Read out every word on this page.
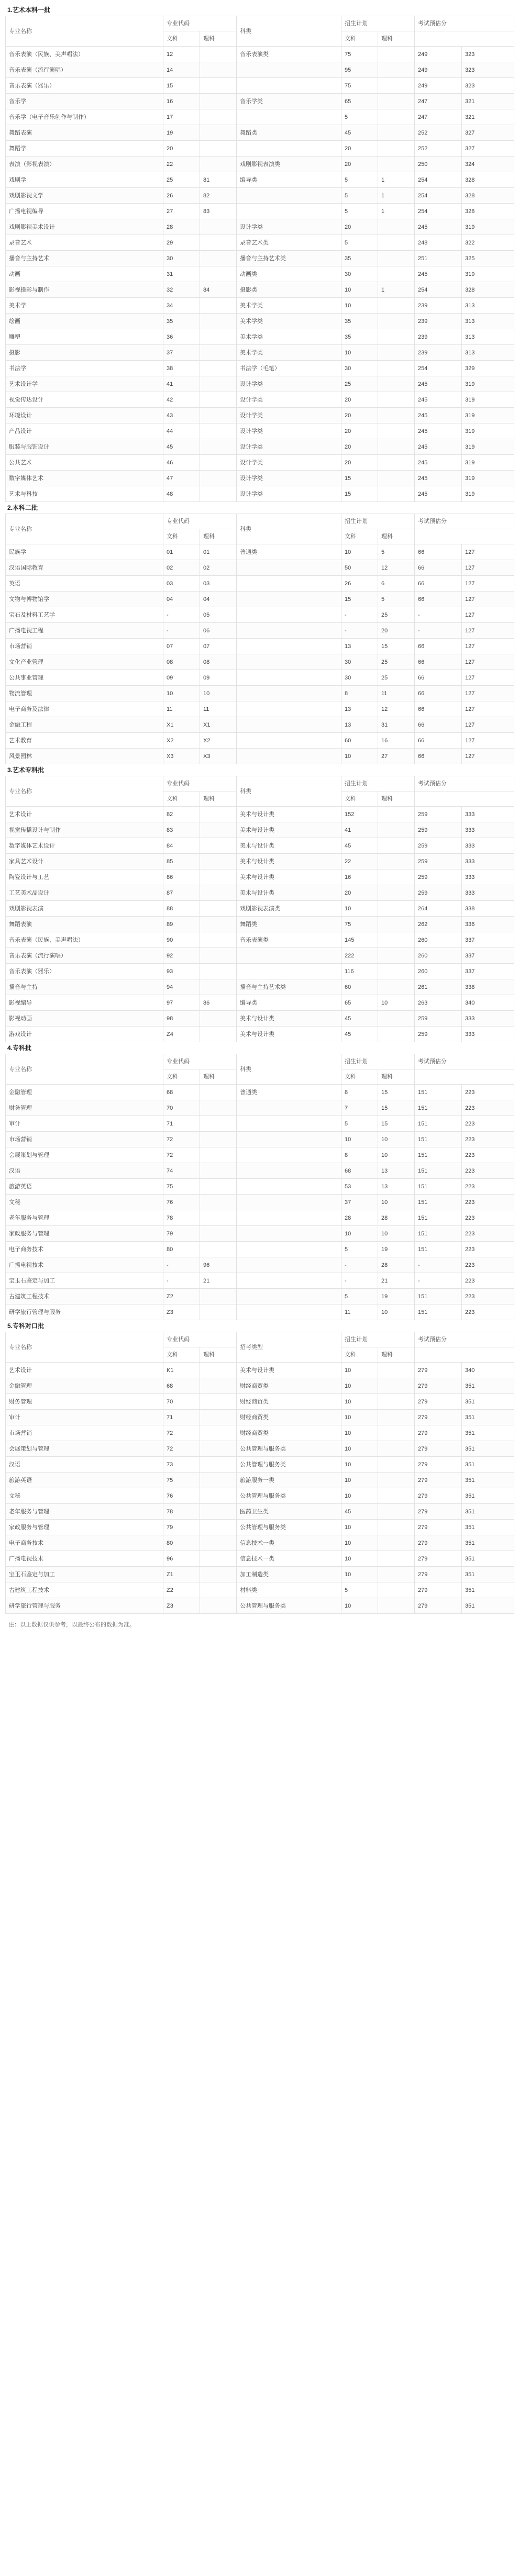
1.艺术本科一批
专业名称	专业代码		科类	招生计划		考试预估分	
	文科	理科		文科	理科		
音乐表演（民族、美声唱法）	12		音乐表演类	75		249	323
音乐表演（流行演唱）	14			95		249	323
音乐表演（器乐）	15			75		249	323
音乐学	16		音乐学类	65		247	321
音乐学（电子音乐创作与制作）	17			5		247	321
舞蹈表演	19		舞蹈类	45		252	327
舞蹈学	20			20		252	327
表演（影视表演）	22		戏剧影视表演类	20		250	324
戏剧学	25	81	编导类	5	1	254	328
戏剧影视文学	26	82		5	1	254	328
广播电视编导	27	83		5	1	254	328
戏剧影视美术设计	28		设计学类	20		245	319
录音艺术	29		录音艺术类	5		248	322
播音与主持艺术	30		播音与主持艺术类	35		251	325
动画	31		动画类	30		245	319
影视摄影与制作	32	84	摄影类	10	1	254	328
美术学	34		美术学类	10		239	313
绘画	35		美术学类	35		239	313
雕塑	36		美术学类	35		239	313
摄影	37		美术学类	10		239	313
书法学	38		书法学（毛笔）	30		254	329
艺术设计学	41		设计学类	25		245	319
视觉传达设计	42		设计学类	20		245	319
环境设计	43		设计学类	20		245	319
产品设计	44		设计学类	20		245	319
服装与服饰设计	45		设计学类	20		245	319
公共艺术	46		设计学类	20		245	319
数字媒体艺术	47		设计学类	15		245	319
艺术与科技	48		设计学类	15		245	319
2.本科二批
专业名称	专业代码		科类	招生计划		考试预估分	
	文科	理科		文科	理科		
民族学	01	01	普通类	10	5	66	127
汉语国际教育	02	02		50	12	66	127
英语	03	03		26	6	66	127
文物与博物馆学	04	04		15	5	66	127
宝石及材料工艺学	-	05		-	25	-	127
广播电视工程	-	06		-	20	-	127
市场营销	07	07		13	15	66	127
文化产业管理	08	08		30	25	66	127
公共事业管理	09	09		30	25	66	127
物流管理	10	10		8	11	66	127
电子商务及法律	11	11		13	12	66	127
金融工程	X1	X1		13	31	66	127
艺术教育	X2	X2		60	16	66	127
风景园林	X3	X3		10	27	66	127
3.艺术专科批
专业名称	专业代码		科类	招生计划		考试预估分	
	文科	理科		文科	理科		
艺术设计	82		美术与设计类	152		259	333
视觉传播设计与制作	83		美术与设计类	41		259	333
数字媒体艺术设计	84		美术与设计类	45		259	333
家具艺术设计	85		美术与设计类	22		259	333
陶瓷设计与工艺	86		美术与设计类	16		259	333
工艺美术品设计	87		美术与设计类	20		259	333
戏剧影视表演	88		戏剧影视表演类	10		264	338
舞蹈表演	89		舞蹈类	75		262	336
音乐表演（民族、美声唱法）	90		音乐表演类	145		260	337
音乐表演（流行演唱）	92			222		260	337
音乐表演（器乐）	93			116		260	337
播音与主持	94		播音与主持艺术类	60		261	338
影视编导	97	86	编导类	65	10	263	340
影视动画	98		美术与设计类	45		259	333
游戏设计	Z4		美术与设计类	45		259	333
4.专科批
专业名称	专业代码		科类	招生计划		考试预估分	
	文科	理科		文科	理科		
金融管理	68		普通类	8	15	151	223
财务管理	70			7	15	151	223
审计	71			5	15	151	223
市场营销	72			10	10	151	223
会展策划与管理	72			8	10	151	223
汉语	74			68	13	151	223
旅游英语	75			53	13	151	223
文秘	76			37	10	151	223
老年服务与管理	78			28	28	151	223
家政服务与管理	79			10	10	151	223
电子商务技术	80			5	19	151	223
广播电视技术	-	96		-	28	-	223
宝玉石鉴定与加工	-	21		-	21	-	223
古建筑工程技术	Z2			5	19	151	223
研学旅行管理与服务	Z3			11	10	151	223
5.专科对口批
专业名称	专业代码		招考类型	招生计划		考试预估分	
	文科	理科		文科	理科		
艺术设计	K1		美术与设计类	10		279	340
金融管理	68		财经商贸类	10		279	351
财务管理	70		财经商贸类	10		279	351
审计	71		财经商贸类	10		279	351
市场营销	72		财经商贸类	10		279	351
会展策划与管理	72		公共管理与服务类	10		279	351
汉语	73		公共管理与服务类	10		279	351
旅游英语	75		旅游服务一类	10		279	351
文秘	76		公共管理与服务类	10		279	351
老年服务与管理	78		医药卫生类	45		279	351
家政服务与管理	79		公共管理与服务类	10		279	351
电子商务技术	80		信息技术一类	10		279	351
广播电视技术	96		信息技术一类	10		279	351
宝玉石鉴定与加工	Z1		加工制造类	10		279	351
古建筑工程技术	Z2		材料类	5		279	351
研学旅行管理与服务	Z3		公共管理与服务类	10		279	351
注：以上数据仅供参考，以最终公布的数据为准。
